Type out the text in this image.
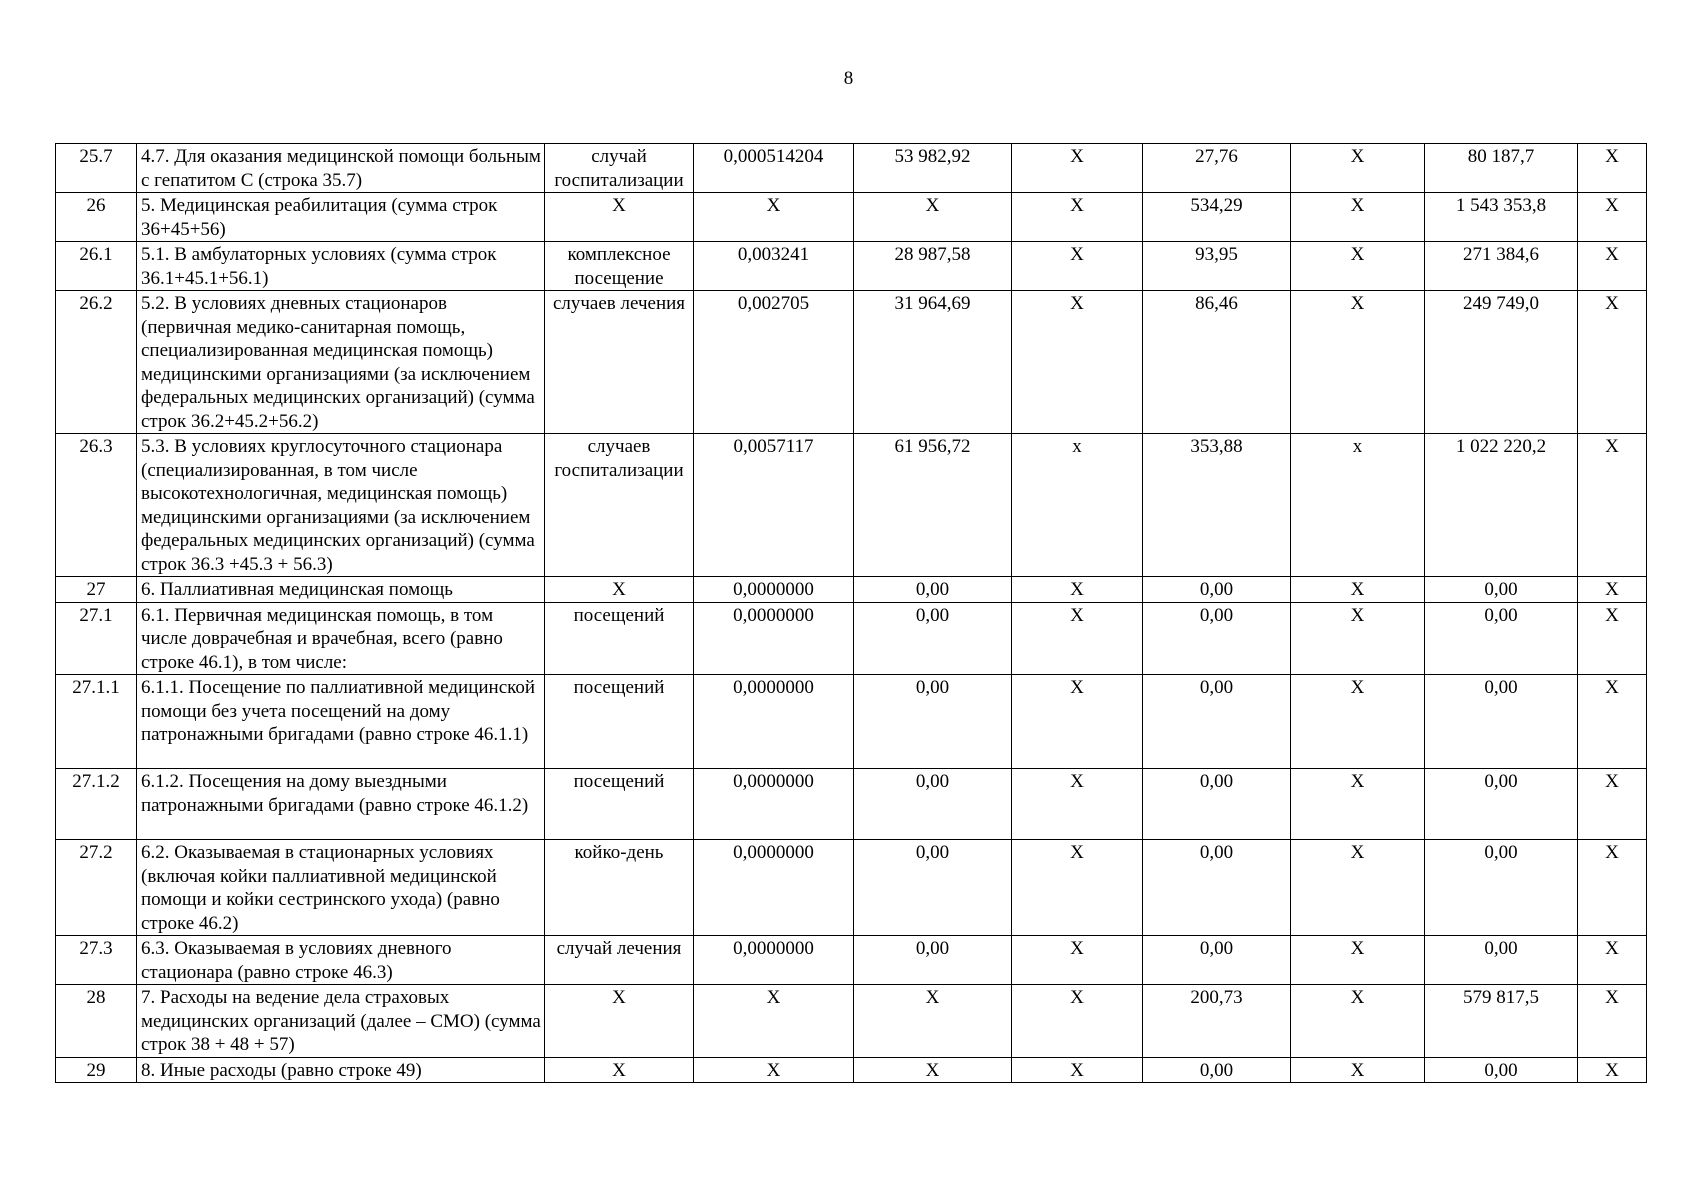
8
25.7	4.7. Для оказания медицинской помощи больным с гепатитом С (строка 35.7)	случай госпитализации	0,000514204	53 982,92	X	27,76	X	80 187,7	X
26	5. Медицинская реабилитация (сумма строк 36+45+56)	X	X	X	X	534,29	X	1 543 353,8	X
26.1	5.1. В амбулаторных условиях (сумма строк 36.1+45.1+56.1)	комплексное посещение	0,003241	28 987,58	X	93,95	X	271 384,6	X
26.2	5.2. В условиях дневных стационаров (первичная медико-санитарная помощь, специализированная медицинская помощь) медицинскими организациями (за исключением федеральных медицинских организаций) (сумма строк 36.2+45.2+56.2)	случаев лечения	0,002705	31 964,69	X	86,46	X	249 749,0	X
26.3	5.3. В условиях круглосуточного стационара (специализированная, в том числе высокотехнологичная, медицинская помощь) медицинскими организациями (за исключением федеральных медицинских организаций) (сумма строк 36.3 +45.3 + 56.3)	случаев госпитализации	0,0057117	61 956,72	x	353,88	x	1 022 220,2	X
27	6. Паллиативная медицинская помощь	X	0,0000000	0,00	X	0,00	X	0,00	X
27.1	6.1. Первичная медицинская помощь, в том числе доврачебная и врачебная, всего (равно строке 46.1), в том числе:	посещений	0,0000000	0,00	X	0,00	X	0,00	X
27.1.1	6.1.1. Посещение по паллиативной медицинской помощи без учета посещений на дому патронажными бригадами (равно строке 46.1.1)	посещений	0,0000000	0,00	X	0,00	X	0,00	X
27.1.2	6.1.2. Посещения на дому выездными патронажными бригадами (равно строке 46.1.2)	посещений	0,0000000	0,00	X	0,00	X	0,00	X
27.2	6.2. Оказываемая в стационарных условиях (включая койки паллиативной медицинской помощи и койки сестринского ухода) (равно строке 46.2)	койко-день	0,0000000	0,00	X	0,00	X	0,00	X
27.3	6.3. Оказываемая в условиях дневного стационара (равно строке 46.3)	случай лечения	0,0000000	0,00	X	0,00	X	0,00	X
28	7. Расходы на ведение дела страховых медицинских организаций (далее – СМО) (сумма строк 38 + 48 + 57)	X	X	X	X	200,73	X	579 817,5	X
29	8. Иные расходы (равно строке 49)	X	X	X	X	0,00	X	0,00	X
